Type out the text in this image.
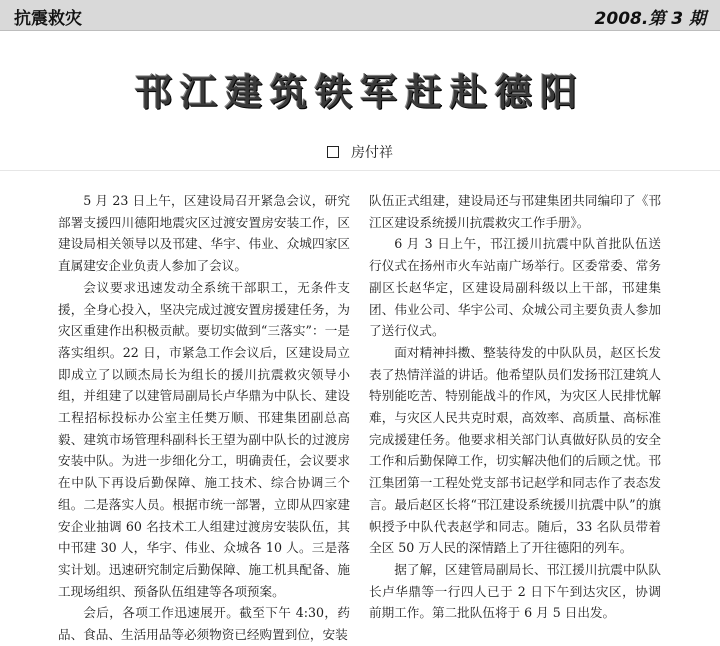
抗震救灾	2008.第 3 期
邗江建筑铁军赶赴德阳
房付祥

5 月 23 日上午，区建设局召开紧急会议，研究部署支援四川德阳地震灾区过渡安置房安装工作，区建设局相关领导以及邗建、华宇、伟业、众城四家区直属建安企业负责人参加了会议。

会议要求迅速发动全系统干部职工，无条件支援，全身心投入，坚决完成过渡安置房援建任务，为灾区重建作出积极贡献。要切实做到“三落实”：一是落实组织。22 日，市紧急工作会议后，区建设局立即成立了以顾杰局长为组长的援川抗震救灾领导小组，并组建了以建管局副局长卢华鼎为中队长、建设工程招标投标办公室主任樊万顺、邗建集团副总高毅、建筑市场管理科副科长王望为副中队长的过渡房安装中队。为进一步细化分工，明确责任，会议要求在中队下再设后勤保障、施工技术、综合协调三个组。二是落实人员。根据市统一部署，立即从四家建安企业抽调 60 名技术工人组建过渡房安装队伍，其中邗建 30 人，华宇、伟业、众城各 10 人。三是落实计划。迅速研究制定后勤保障、施工机具配备、施工现场组织、预备队伍组建等各项预案。

会后，各项工作迅速展开。截至下午 4:30，药品、食品、生活用品等必须物资已经购置到位，安装

队伍正式组建，建设局还与邗建集团共同编印了《邗江区建设系统援川抗震救灾工作手册》。

6 月 3 日上午，邗江援川抗震中队首批队伍送行仪式在扬州市火车站南广场举行。区委常委、常务副区长赵华定，区建设局副科级以上干部，邗建集团、伟业公司、华宇公司、众城公司主要负责人参加了送行仪式。

面对精神抖擞、整装待发的中队队员，赵区长发表了热情洋溢的讲话。他希望队员们发扬邗江建筑人特别能吃苦、特别能战斗的作风，为灾区人民排忧解难，与灾区人民共克时艰，高效率、高质量、高标准完成援建任务。他要求相关部门认真做好队员的安全工作和后勤保障工作，切实解决他们的后顾之忧。邗江集团第一工程处党支部书记赵学和同志作了表态发言。最后赵区长将“邗江建设系统援川抗震中队”的旗帜授予中队代表赵学和同志。随后，33 名队员带着全区 50 万人民的深情踏上了开往德阳的列车。

据了解，区建管局副局长、邗江援川抗震中队队长卢华鼎等一行四人已于 2 日下午到达灾区，协调前期工作。第二批队伍将于 6 月 5 日出发。
